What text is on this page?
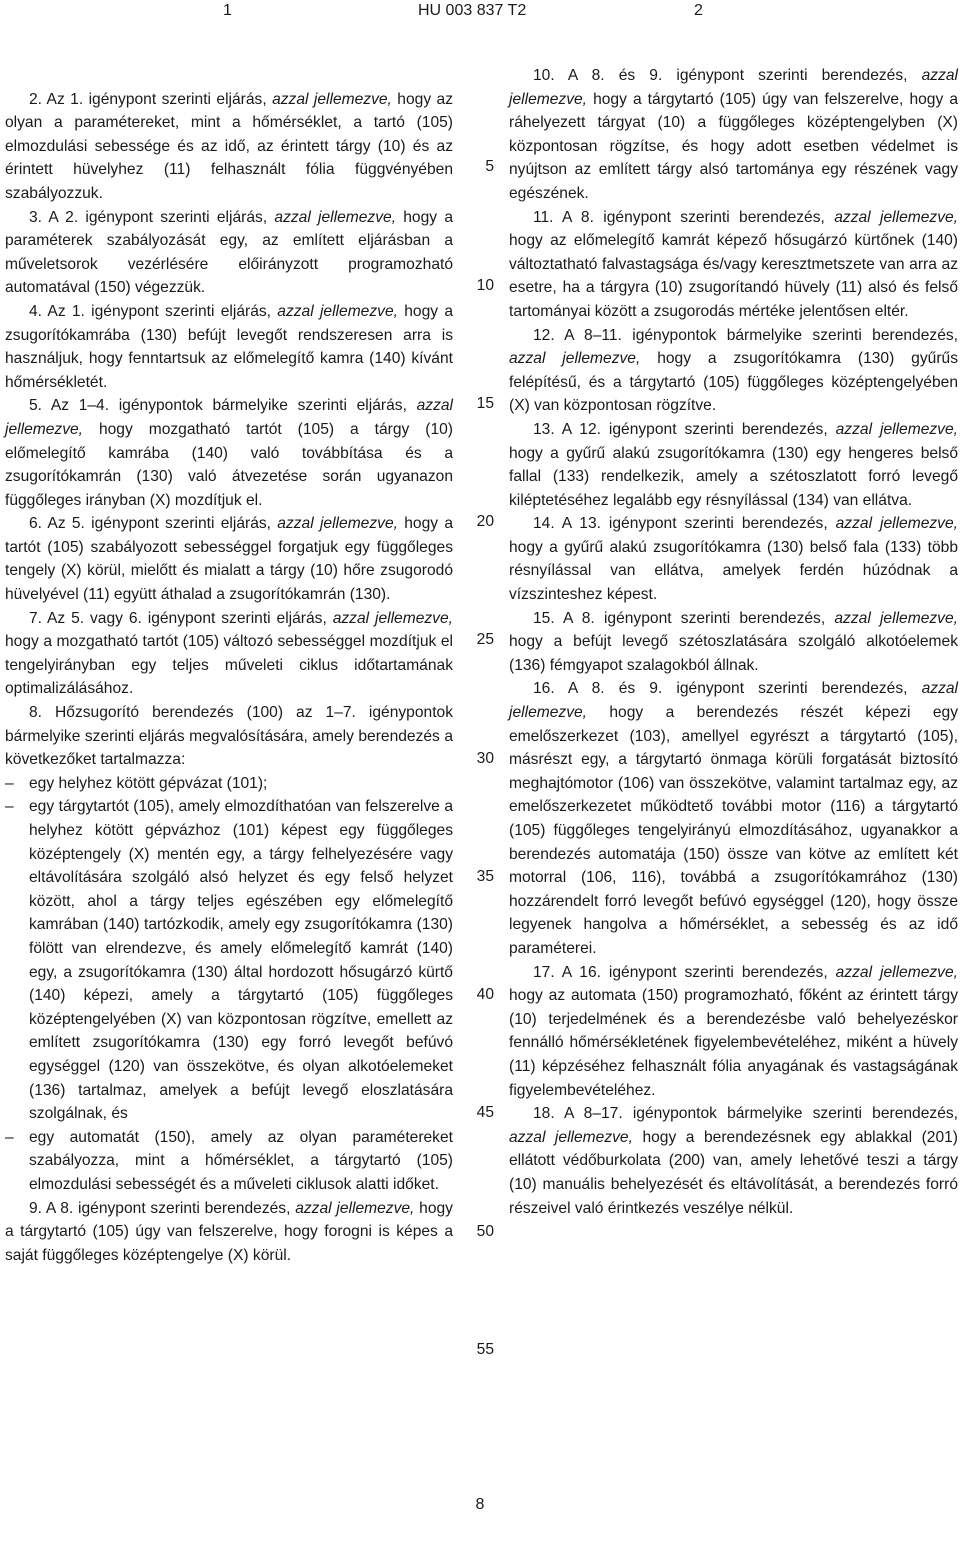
1	HU 003 837 T2	2

2. Az 1. igénypont szerinti eljárás, azzal jellemezve, hogy az olyan a paramétereket, mint a hőmérséklet, a tartó (105) elmozdulási sebessége és az idő, az érintett tárgy (10) és az érintett hüvelyhez (11) felhasznált fólia függvényében szabályozzuk.

3. A 2. igénypont szerinti eljárás, azzal jellemezve, hogy a paraméterek szabályozását egy, az említett eljárásban a műveletsorok vezérlésére előirányzott programozható automatával (150) végezzük.

4. Az 1. igénypont szerinti eljárás, azzal jellemezve, hogy a zsugorítókamrába (130) befújt levegőt rendszeresen arra is használjuk, hogy fenntartsuk az előmelegítő kamra (140) kívánt hőmérsékletét.

5. Az 1–4. igénypontok bármelyike szerinti eljárás, azzal jellemezve, hogy mozgatható tartót (105) a tárgy (10) előmelegítő kamrába (140) való továbbítása és a zsugorítókamrán (130) való átvezetése során ugyanazon függőleges irányban (X) mozdítjuk el.

6. Az 5. igénypont szerinti eljárás, azzal jellemezve, hogy a tartót (105) szabályozott sebességgel forgatjuk egy függőleges tengely (X) körül, mielőtt és mialatt a tárgy (10) hőre zsugorodó hüvelyével (11) együtt áthalad a zsugorítókamrán (130).

7. Az 5. vagy 6. igénypont szerinti eljárás, azzal jellemezve, hogy a mozgatható tartót (105) változó sebességgel mozdítjuk el tengelyirányban egy teljes műveleti ciklus időtartamának optimalizálásához.

8. Hőzsugorító berendezés (100) az 1–7. igénypontok bármelyike szerinti eljárás megvalósítására, amely berendezés a következőket tartalmazza:

– egy helyhez kötött gépvázat (101);
– egy tárgytartót (105), amely elmozdíthatóan van felszerelve a helyhez kötött gépvázhoz (101) képest egy függőleges középtengely (X) mentén egy, a tárgy felhelyezésére vagy eltávolítására szolgáló alsó helyzet és egy felső helyzet között, ahol a tárgy teljes egészében egy előmelegítő kamrában (140) tartózkodik, amely egy zsugorítókamra (130) fölött van elrendezve, és amely előmelegítő kamrát (140) egy, a zsugorítókamra (130) által hordozott hősugárzó kürtő (140) képezi, amely a tárgytartó (105) függőleges középtengelyében (X) van központosan rögzítve, emellett az említett zsugorítókamra (130) egy forró levegőt befúvó egységgel (120) van összekötve, és olyan alkotóelemeket (136) tartalmaz, amelyek a befújt levegő eloszlatására szolgálnak, és
– egy automatát (150), amely az olyan paramétereket szabályozza, mint a hőmérséklet, a tárgytartó (105) elmozdulási sebességét és a műveleti ciklusok alatti időket.

9. A 8. igénypont szerinti berendezés, azzal jellemezve, hogy a tárgytartó (105) úgy van felszerelve, hogy forogni is képes a saját függőleges középtengelye (X) körül.

5
10
15
20
25
30
35
40
45
50
55

10. A 8. és 9. igénypont szerinti berendezés, azzal jellemezve, hogy a tárgytartó (105) úgy van felszerelve, hogy a ráhelyezett tárgyat (10) a függőleges középtengelyben (X) központosan rögzítse, és hogy adott esetben védelmet is nyújtson az említett tárgy alsó tartománya egy részének vagy egészének.

11. A 8. igénypont szerinti berendezés, azzal jellemezve, hogy az előmelegítő kamrát képező hősugárzó kürtőnek (140) változtatható falvastagsága és/vagy keresztmetszete van arra az esetre, ha a tárgyra (10) zsugorítandó hüvely (11) alsó és felső tartományai között a zsugorodás mértéke jelentősen eltér.

12. A 8–11. igénypontok bármelyike szerinti berendezés, azzal jellemezve, hogy a zsugorítókamra (130) gyűrűs felépítésű, és a tárgytartó (105) függőleges középtengelyében (X) van központosan rögzítve.

13. A 12. igénypont szerinti berendezés, azzal jellemezve, hogy a gyűrű alakú zsugorítókamra (130) egy hengeres belső fallal (133) rendelkezik, amely a szétoszlatott forró levegő kiléptetéséhez legalább egy résnyílással (134) van ellátva.

14. A 13. igénypont szerinti berendezés, azzal jellemezve, hogy a gyűrű alakú zsugorítókamra (130) belső fala (133) több résnyílással van ellátva, amelyek ferdén húzódnak a vízszinteshez képest.

15. A 8. igénypont szerinti berendezés, azzal jellemezve, hogy a befújt levegő szétoszlatására szolgáló alkotóelemek (136) fémgyapot szalagokból állnak.

16. A 8. és 9. igénypont szerinti berendezés, azzal jellemezve, hogy a berendezés részét képezi egy emelőszerkezet (103), amellyel egyrészt a tárgytartó (105), másrészt egy, a tárgytartó önmaga körüli forgatását biztosító meghajtómotor (106) van összekötve, valamint tartalmaz egy, az emelőszerkezetet működtető további motor (116) a tárgytartó (105) függőleges tengelyirányú elmozdításához, ugyanakkor a berendezés automatája (150) össze van kötve az említett két motorral (106, 116), továbbá a zsugorítókamrához (130) hozzárendelt forró levegőt befúvó egységgel (120), hogy össze legyenek hangolva a hőmérséklet, a sebesség és az idő paraméterei.

17. A 16. igénypont szerinti berendezés, azzal jellemezve, hogy az automata (150) programozható, főként az érintett tárgy (10) terjedelmének és a berendezésbe való behelyezéskor fennálló hőmérsékletének figyelembevételéhez, miként a hüvely (11) képzéséhez felhasznált fólia anyagának és vastagságának figyelembevételéhez.

18. A 8–17. igénypontok bármelyike szerinti berendezés, azzal jellemezve, hogy a berendezésnek egy ablakkal (201) ellátott védőburkolata (200) van, amely lehetővé teszi a tárgy (10) manuális behelyezését és eltávolítását, a berendezés forró részeivel való érintkezés veszélye nélkül.

8
